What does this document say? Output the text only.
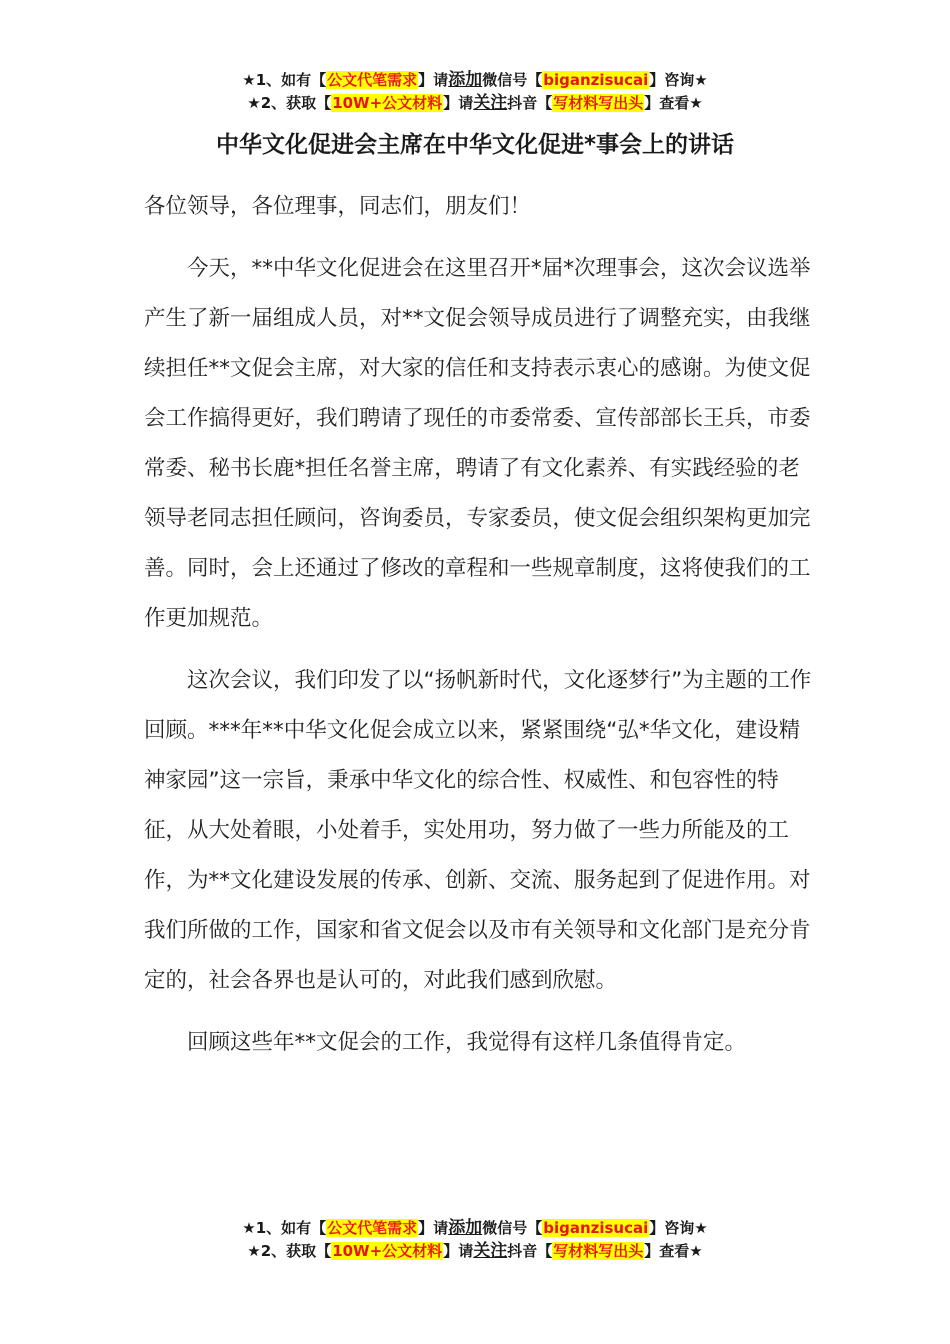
★1、如有【公文代笔需求】请添加微信号【biganzisucai】咨询★
★2、获取【10W+公文材料】请关注抖音【写材料写出头】查看★
中华文化促进会主席在中华文化促进*事会上的讲话

各位领导，各位理事，同志们，朋友们！

今天，**中华文化促进会在这里召开*届*次理事会，这次会议选举产生了新一届组成人员，对**文促会领导成员进行了调整充实，由我继续担任**文促会主席，对大家的信任和支持表示衷心的感谢。为使文促会工作搞得更好，我们聘请了现任的市委常委、宣传部部长王兵，市委常委、秘书长鹿*担任名誉主席，聘请了有文化素养、有实践经验的老领导老同志担任顾问，咨询委员，专家委员，使文促会组织架构更加完善。同时，会上还通过了修改的章程和一些规章制度，这将使我们的工作更加规范。

这次会议，我们印发了以“扬帆新时代，文化逐梦行”为主题的工作回顾。***年**中华文化促会成立以来，紧紧围绕“弘*华文化，建设精神家园”这一宗旨，秉承中华文化的综合性、权威性、和包容性的特征，从大处着眼，小处着手，实处用功，努力做了一些力所能及的工作，为**文化建设发展的传承、创新、交流、服务起到了促进作用。对我们所做的工作，国家和省文促会以及市有关领导和文化部门是充分肯定的，社会各界也是认可的，对此我们感到欣慰。

回顾这些年**文促会的工作，我觉得有这样几条值得肯定。

★1、如有【公文代笔需求】请添加微信号【biganzisucai】咨询★
★2、获取【10W+公文材料】请关注抖音【写材料写出头】查看★
